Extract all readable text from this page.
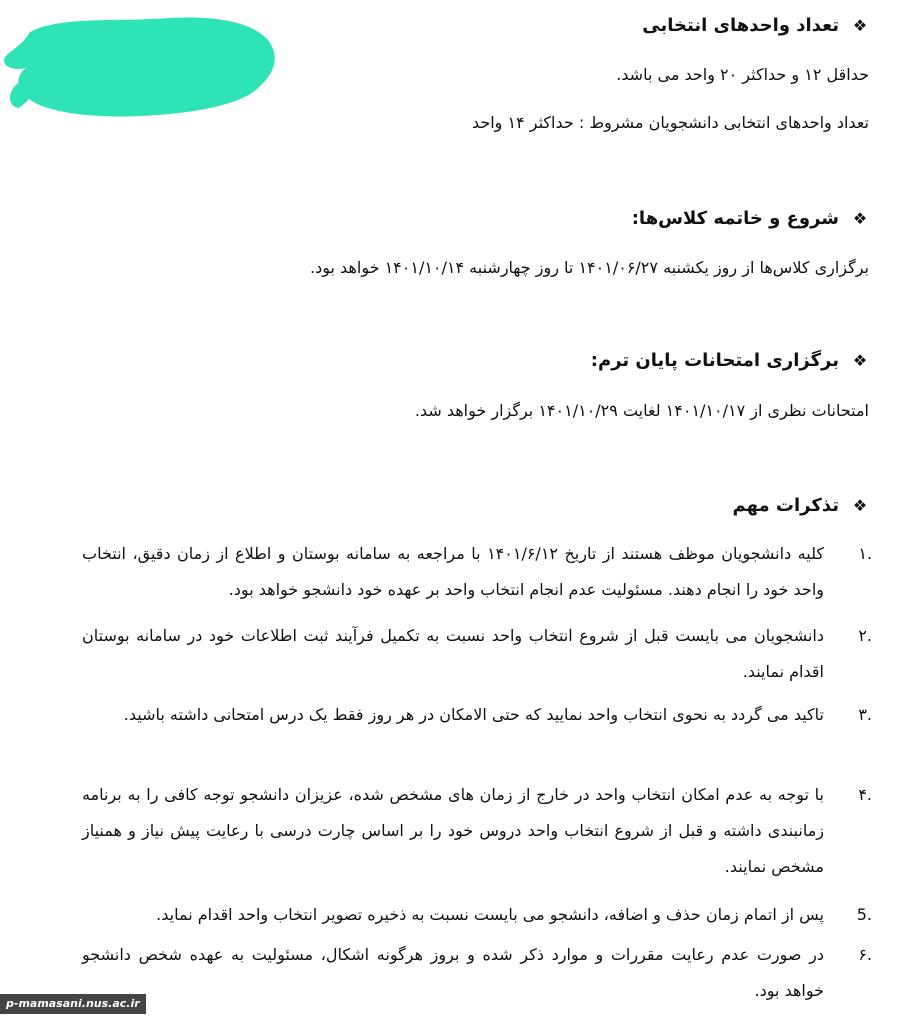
❖
تعداد واحدهای انتخابی
حداقل ۱۲ و حداکثر ۲۰ واحد می باشد.
تعداد واحدهای انتخابی دانشجویان مشروط : حداکثر ۱۴ واحد
❖
شروع و خاتمه کلاس‌ها:
برگزاری کلاس‌ها از روز یکشنبه ۱۴۰۱/۰۶/۲۷ تا روز چهارشنبه ۱۴۰۱/۱۰/۱۴ خواهد بود.
❖
برگزاری امتحانات پایان ترم:
امتحانات نظری از ۱۴۰۱/۱۰/۱۷ لغایت ۱۴۰۱/۱۰/۲۹ برگزار خواهد شد.
❖
تذکرات مهم
.۱
کلیه دانشجویان موظف هستند از تاریخ ۱۴۰۱/۶/۱۲ با مراجعه به سامانه بوستان و اطلاع از زمان دقیق، انتخاب واحد خود را انجام دهند. مسئولیت عدم انجام انتخاب واحد بر عهده خود دانشجو خواهد بود.
.۲
دانشجویان می بایست قبل از شروع انتخاب واحد نسبت به تکمیل فرآیند ثبت اطلاعات خود در سامانه بوستان اقدام نمایند.
.۳
تاکید می گردد به نحوی انتخاب واحد نمایید که حتی الامکان در هر روز فقط یک درس امتحانی داشته باشید.
.۴
با توجه به عدم امکان انتخاب واحد در خارج از زمان های مشخص شده، عزیزان دانشجو توجه کافی را به برنامه زمانبندی داشته و قبل از شروع انتخاب واحد دروس خود را بر اساس چارت درسی با رعایت پیش نیاز و همنیاز مشخص نمایند.
.5
پس از اتمام زمان حذف و اضافه، دانشجو می بایست نسبت به ذخیره تصویر انتخاب واحد اقدام نماید.
.۶
در صورت عدم رعایت مقررات و موارد ذکر شده و بروز هرگونه اشکال، مسئولیت به عهده شخص دانشجو خواهد بود.
p-mamasani.nus.ac.ir
